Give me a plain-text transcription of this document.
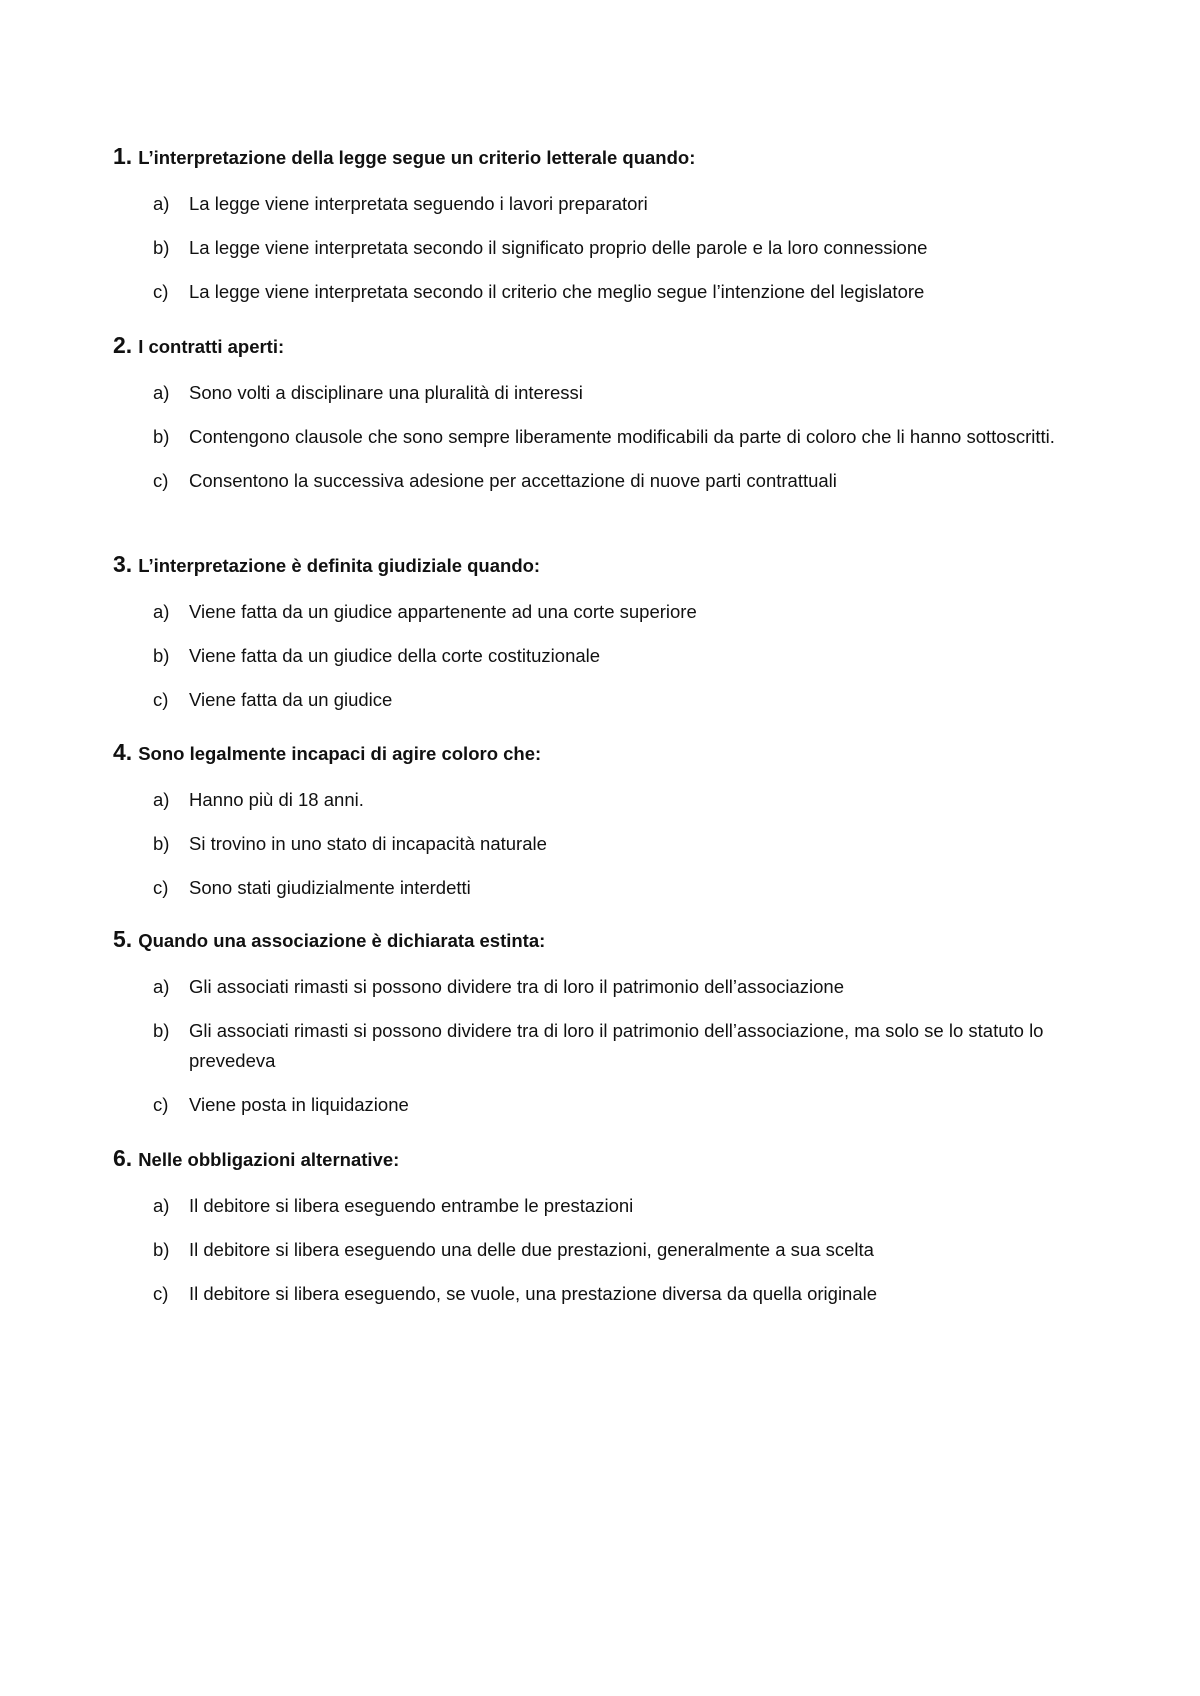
1 . L’interpretazione della legge segue un criterio letterale quando:
a) La legge viene interpretata seguendo i lavori preparatori
b) La legge viene interpretata secondo il significato proprio delle parole e la loro connessione
c) La legge viene interpretata secondo il criterio che meglio segue l’intenzione del legislatore
2 . I contratti aperti:
a) Sono volti a disciplinare una pluralità di interessi
b) Contengono clausole che sono sempre liberamente modificabili da parte di coloro che li hanno sottoscritti.
c) Consentono la successiva adesione per accettazione di nuove parti contrattuali
3 . L’interpretazione è definita giudiziale quando:
a) Viene fatta da un giudice appartenente ad una corte superiore
b) Viene fatta da un giudice della corte costituzionale
c) Viene fatta da un giudice
4 . Sono legalmente incapaci di agire coloro che:
a) Hanno più di 18 anni.
b) Si trovino in uno stato di incapacità naturale
c) Sono stati giudizialmente interdetti
5 . Quando una associazione è dichiarata estinta:
a) Gli associati rimasti si possono dividere tra di loro il patrimonio dell’associazione
b) Gli associati rimasti si possono dividere tra di loro il patrimonio dell’associazione, ma solo se lo statuto lo prevedeva
c) Viene posta in liquidazione
6 . Nelle obbligazioni alternative:
a) Il debitore si libera eseguendo entrambe le prestazioni
b) Il debitore si libera eseguendo una delle due prestazioni, generalmente a sua scelta
c) Il debitore si libera eseguendo, se vuole, una prestazione diversa da quella originale
